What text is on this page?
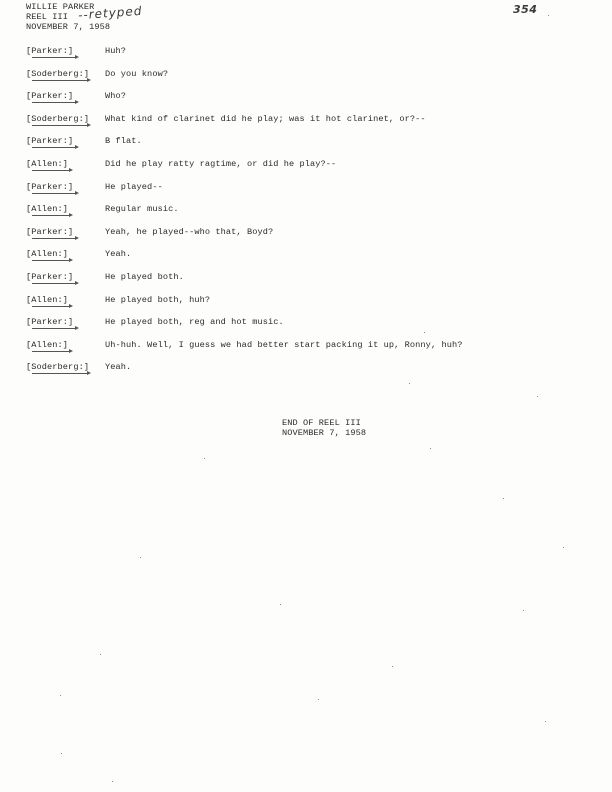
WILLIE PARKER
REEL III
NOVEMBER 7, 1958
--retyped	354
[Parker:]	Huh?
[Soderberg:] Do you know?
[Parker:]	Who?
[Soderberg:] What kind of clarinet did he play; was it hot clarinet, or?--
[Parker:]	B flat.
[Allen:]	Did he play ratty ragtime, or did he play?--
[Parker:]	He played--
[Allen:]	Regular music.
[Parker:]	Yeah, he played--who that, Boyd?
[Allen:]	Yeah.
[Parker:]	He played both.
[Allen:]	He played both, huh?
[Parker:]	He played both, reg and hot music.
[Allen:]	Uh-huh. Well, I guess we had better start packing it up, Ronny, huh?
[Soderberg:] Yeah.
END OF REEL III
NOVEMBER 7, 1958
